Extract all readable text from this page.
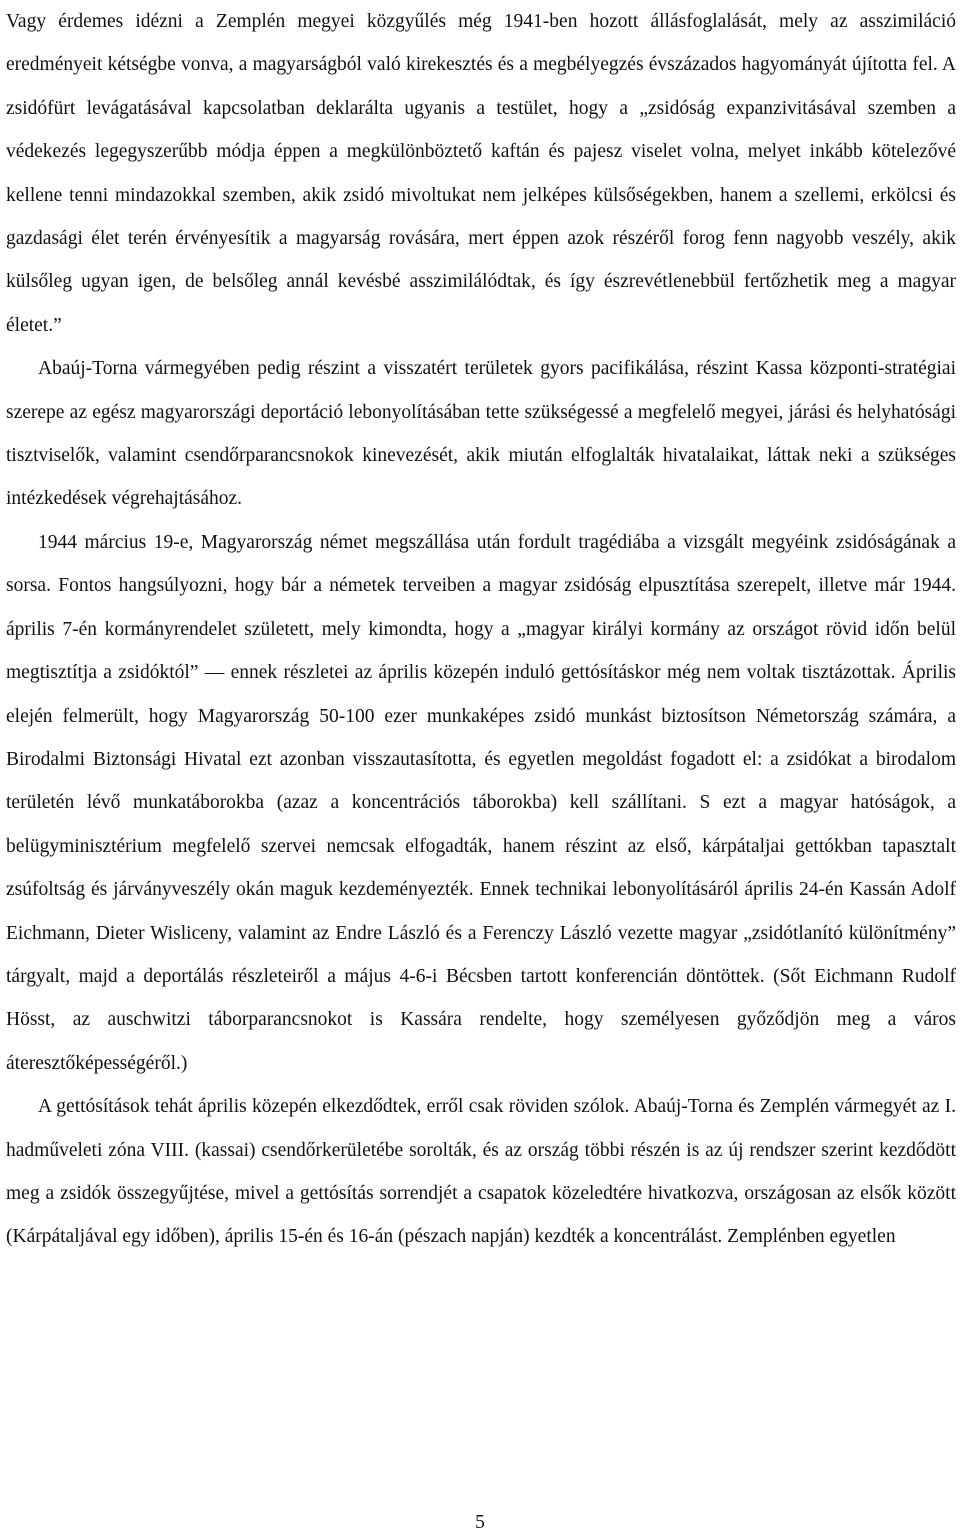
Vagy érdemes idézni a Zemplén megyei közgyűlés még 1941-ben hozott állásfoglalását, mely az asszimiláció eredményeit kétségbe vonva, a magyarságból való kirekesztés és a megbélyegzés évszázados hagyományát újította fel. A zsidófürt levágatásával kapcsolatban deklarálta ugyanis a testület, hogy a „zsidóság expanzivitásával szemben a védekezés legegyszerűbb módja éppen a megkülönböztető kaftán és pajesz viselet volna, melyet inkább kötelezővé kellene tenni mindazokkal szemben, akik zsidó mivoltukat nem jelképes külsőségekben, hanem a szellemi, erkölcsi és gazdasági élet terén érvényesítik a magyarság rovására, mert éppen azok részéről forog fenn nagyobb veszély, akik külsőleg ugyan igen, de belsőleg annál kevésbé asszimilálódtak, és így észrevétlenebbül fertőzhetik meg a magyar életet.”

Abaúj-Torna vármegyében pedig részint a visszatért területek gyors pacifikálása, részint Kassa központi-stratégiai szerepe az egész magyarországi deportáció lebonyolításában tette szükségessé a megfelelő megyei, járási és helyhatósági tisztviselők, valamint csendőrparancsnokok kinevezését, akik miután elfoglalták hivatalaikat, láttak neki a szükséges intézkedések végrehajtásához.

1944 március 19-e, Magyarország német megszállása után fordult tragédiába a vizsgált megyéink zsidóságának a sorsa. Fontos hangsúlyozni, hogy bár a németek terveiben a magyar zsidóság elpusztítása szerepelt, illetve már 1944. április 7-én kormányrendelet született, mely kimondta, hogy a „magyar királyi kormány az országot rövid időn belül megtisztítja a zsidóktól” — ennek részletei az április közepén induló gettósításkor még nem voltak tisztázottak. Április elején felmerült, hogy Magyarország 50-100 ezer munkaképes zsidó munkást biztosítson Németország számára, a Birodalmi Biztonsági Hivatal ezt azonban visszautasította, és egyetlen megoldást fogadott el: a zsidókat a birodalom területén lévő munkatáborokba (azaz a koncentrációs táborokba) kell szállítani. S ezt a magyar hatóságok, a belügyminisztérium megfelelő szervei nemcsak elfogadták, hanem részint az első, kárpátaljai gettókban tapasztalt zsúfoltság és járványveszély okán maguk kezdeményezték. Ennek technikai lebonyolításáról április 24-én Kassán Adolf Eichmann, Dieter Wisliceny, valamint az Endre László és a Ferenczy László vezette magyar „zsidótlanító különítmény” tárgyalt, majd a deportálás részleteiről a május 4-6-i Bécsben tartott konferencián döntöttek. (Sőt Eichmann Rudolf Hösst, az auschwitzi táborparancsnokot is Kassára rendelte, hogy személyesen győződjön meg a város áteresztőképességéről.)

A gettósítások tehát április közepén elkezdődtek, erről csak röviden szólok. Abaúj-Torna és Zemplén vármegyét az I. hadműveleti zóna VIII. (kassai) csendőrkerületébe sorolták, és az ország többi részén is az új rendszer szerint kezdődött meg a zsidók összegyűjtése, mivel a gettósítás sorrendjét a csapatok közeledtére hivatkozva, országosan az elsők között (Kárpátaljával egy időben), április 15-én és 16-án (pészach napján) kezdték a koncentrálást. Zemplénben egyetlen

5
